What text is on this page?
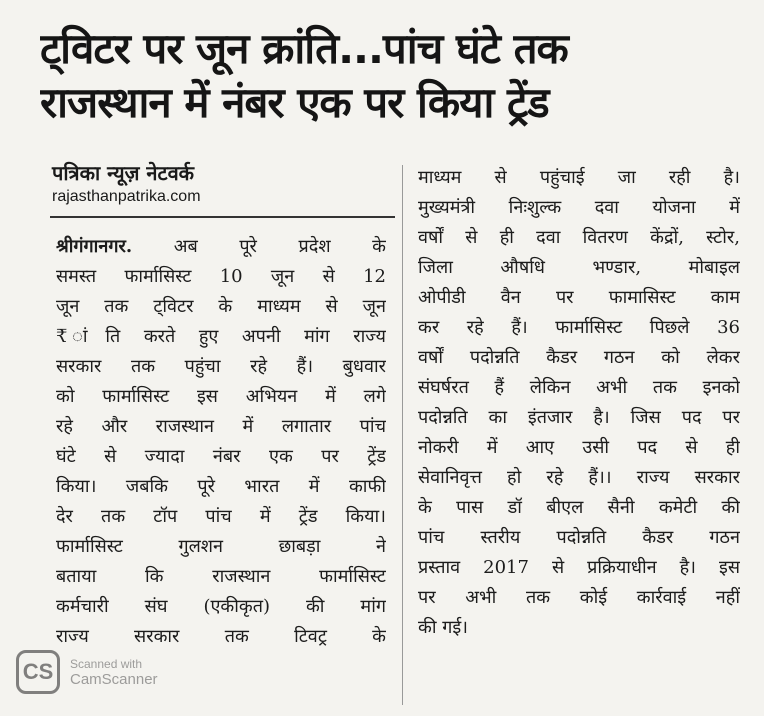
ट्विटर पर जून क्रांति...पांच घंटे तक
राजस्थान में नंबर एक पर किया ट्रेंड
पत्रिका न्यूज़ नेटवर्क
rajasthanpatrika.com
श्रीगंगानगर. अब पूरे प्रदेश के
समस्त फार्मासिस्ट 10 जून से 12
जून तक ट्विटर के माध्यम से जून
₹ ांति करते हुए अपनी मांग राज्य
सरकार तक पहुंचा रहे हैं। बुधवार
को फार्मासिस्ट इस अभियन में लगे
रहे और राजस्थान में लगातार पांच
घंटे से ज्यादा नंबर एक पर ट्रेंड
किया। जबकि पूरे भारत में काफी
देर तक टॉप पांच में ट्रेंड किया।
फार्मासिस्ट गुलशन छाबड़ा ने
बताया कि राजस्थान फार्मासिस्ट
कर्मचारी संघ (एकीकृत) की मांग
राज्य सरकार तक टिवट्र के
माध्यम से पहुंचाई जा रही है।
मुख्यमंत्री निःशुल्क दवा योजना में
वर्षों से ही दवा वितरण केंद्रों, स्टोर,
जिला औषधि भण्डार, मोबाइल
ओपीडी वैन पर फामासिस्ट काम
कर रहे हैं। फार्मासिस्ट पिछले 36
वर्षों पदोन्नति कैडर गठन को लेकर
संघर्षरत हैं लेकिन अभी तक इनको
पदोन्नति का इंतजार है। जिस पद पर
नोकरी में आए उसी पद से ही
सेवानिवृत्त हो रहे हैं।। राज्य सरकार
के पास डॉ बीएल सैनी कमेटी की
पांच स्तरीय पदोन्नति कैडर गठन
प्रस्ताव 2017 से प्रक्रियाधीन है। इस
पर अभी तक कोई कार्रवाई नहीं
की गई।
CS	Scanned with
CamScanner
